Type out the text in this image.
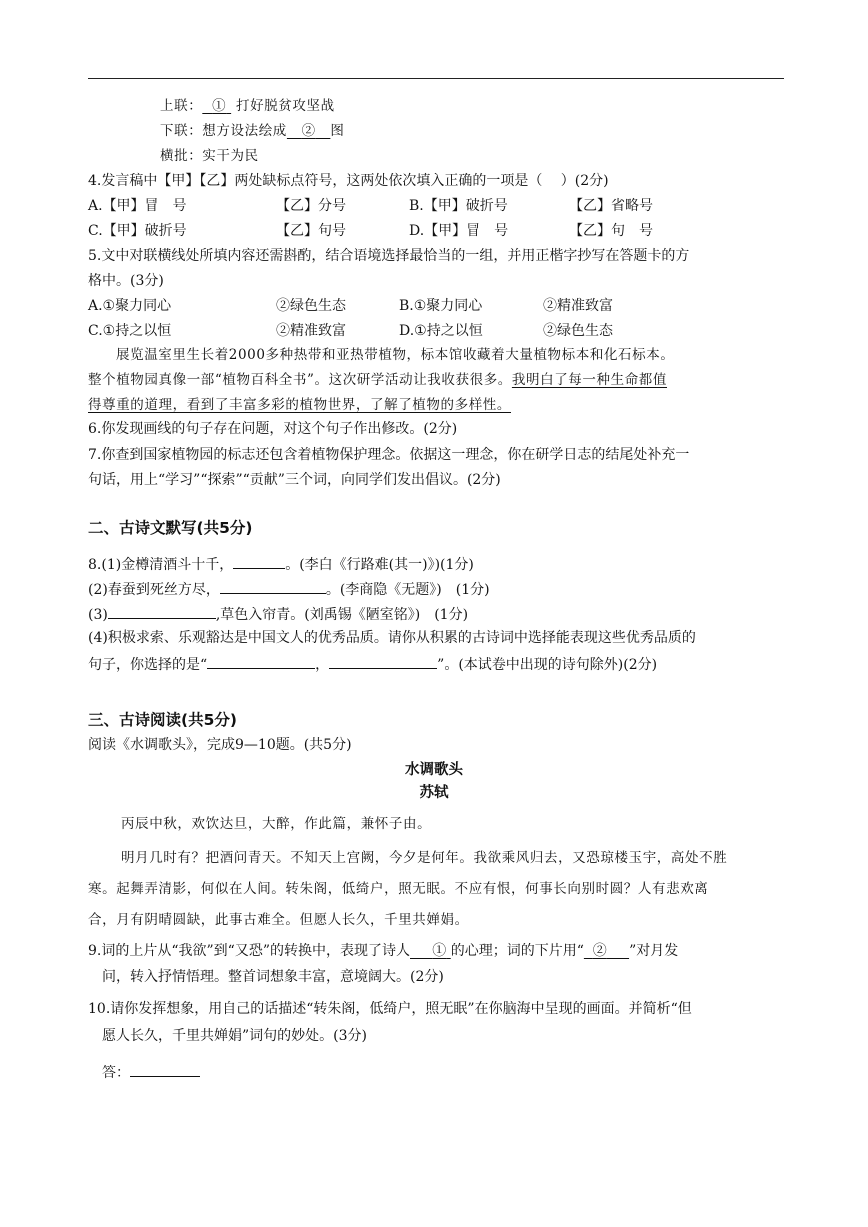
上联： ① 打好脱贫攻坚战
下联：想方设法绘成 ② 图
横批：实干为民
4.发言稿中【甲】【乙】两处缺标点符号，这两处依次填入正确的一项是（　 ）(2分)
A.【甲】冒　号	【乙】分号	B.【甲】破折号	【乙】省略号
C.【甲】破折号	【乙】句号	D.【甲】冒　号	【乙】句　号
5.文中对联横线处所填内容还需斟酌，结合语境选择最恰当的一组，并用正楷字抄写在答题卡的方
格中。(3分)
A.①聚力同心	②绿色生态	B.①聚力同心	②精准致富
C.①持之以恒	②精准致富	D.①持之以恒	②绿色生态
展览温室里生长着2000多种热带和亚热带植物，标本馆收藏着大量植物标本和化石标本。
整个植物园真像一部“植物百科全书”。这次研学活动让我收获很多。我明白了每一种生命都值
得尊重的道理，看到了丰富多彩的植物世界，了解了植物的多样性。
6.你发现画线的句子存在问题，对这个句子作出修改。(2分)
7.你查到国家植物园的标志还包含着植物保护理念。依据这一理念，你在研学日志的结尾处补充一
句话，用上“学习”“探索”“贡献”三个词，向同学们发出倡议。(2分)
二、古诗文默写(共5分)
8.(1)金樽清酒斗十千，	。(李白《行路难(其一)》)(1分)
(2)春蚕到死丝方尽，	。(李商隐《无题》)　(1分)
(3)	,草色入帘青。(刘禹锡《陋室铭》)　(1分)
(4)积极求索、乐观豁达是中国文人的优秀品质。请你从积累的古诗词中选择能表现这些优秀品质的
句子，你选择的是“	，	”。(本试卷中出现的诗句除外)(2分)
三、古诗阅读(共5分)
阅读《水调歌头》，完成9—10题。(共5分)
水调歌头
苏轼
丙辰中秋，欢饮达旦，大醉，作此篇，兼怀子由。
明月几时有？把酒问青天。不知天上宫阙，今夕是何年。我欲乘风归去，又恐琼楼玉宇，高处不胜
寒。起舞弄清影，何似在人间。转朱阁，低绮户，照无眠。不应有恨，何事长向别时圆？人有悲欢离
合，月有阴晴圆缺，此事古难全。但愿人长久，千里共婵娟。
9.词的上片从“我欲”到“又恐”的转换中，表现了诗人 ① 的心理；词的下片用“ ② ”对月发
问，转入抒情悟理。整首词想象丰富，意境阔大。(2分)
10.请你发挥想象，用自己的话描述“转朱阁，低绮户，照无眠”在你脑海中呈现的画面。并简析“但
愿人长久，千里共婵娟”词句的妙处。(3分)
答：
